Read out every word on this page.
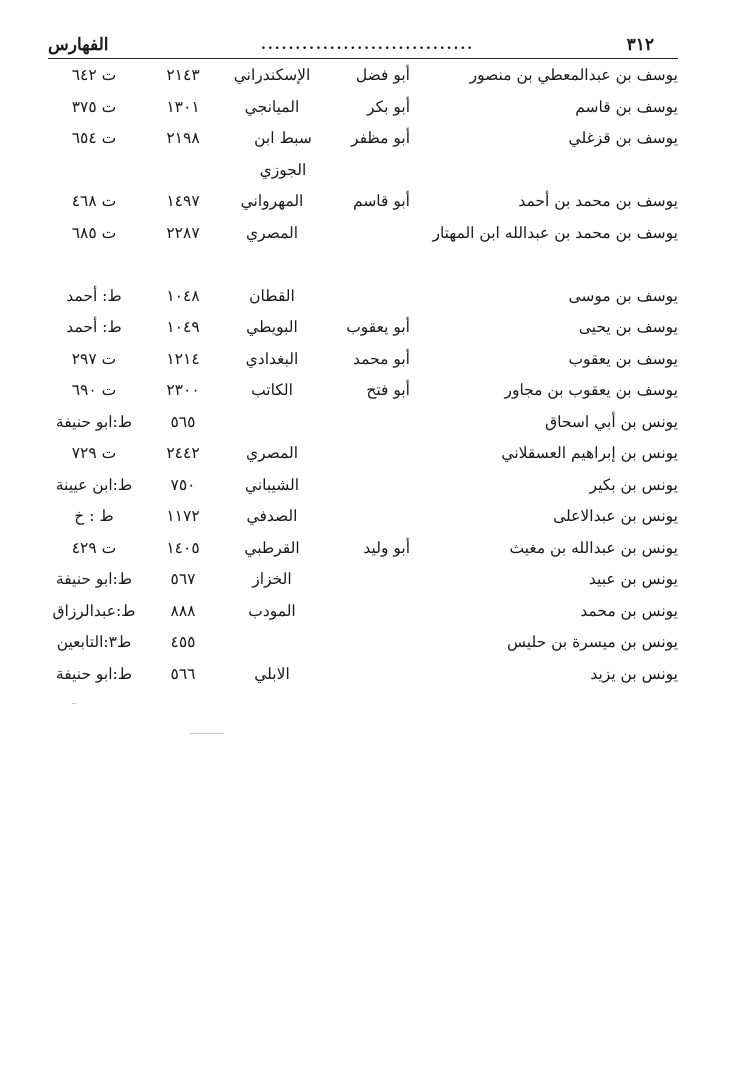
٣١٢
...............................
الفهارس
يوسف بن عبدالمعطي بن منصور
أبو فضل
الإسكندراني
٢١٤٣
ت ٦٤٢
يوسف بن قاسم
أبو بكر
الميانجي
١٣٠١
ت ٣٧٥
يوسف بن قزغلي
أبو مظفر
سبط ابن الجوزي
٢١٩٨
ت ٦٥٤
يوسف بن محمد بن أحمد
أبو قاسم
المهرواني
١٤٩٧
ت ٤٦٨
يوسف بن محمد بن عبدالله ابن المهتار
المصري
٢٢٨٧
ت ٦٨٥
يوسف بن موسى
القطان
١٠٤٨
ط: أحمد
يوسف بن يحيى
أبو يعقوب
البويطي
١٠٤٩
ط: أحمد
يوسف بن يعقوب
أبو محمد
البغدادي
١٢١٤
ت ٢٩٧
يوسف بن يعقوب بن مجاور
أبو فتح
الكاتب
٢٣٠٠
ت ٦٩٠
يونس بن أبي اسحاق
٥٦٥
ط:ابو حنيفة
يونس بن إبراهيم العسقلاني
المصري
٢٤٤٢
ت ٧٢٩
يونس بن بكير
الشيباني
٧٥٠
ط:ابن عيينة
يونس بن عبدالاعلى
الصدفي
١١٧٢
ط : خ
يونس بن عبدالله بن مغيث
أبو وليد
القرطبي
١٤٠٥
ت ٤٢٩
يونس بن عبيد
الخزاز
٥٦٧
ط:ابو حنيفة
يونس بن محمد
المودب
٨٨٨
ط:عبدالرزاق
يونس بن ميسرة بن حليس
٤٥٥
ط٣:التابعين
يونس بن يزيد
الابلي
٥٦٦
ط:ابو حنيفة
